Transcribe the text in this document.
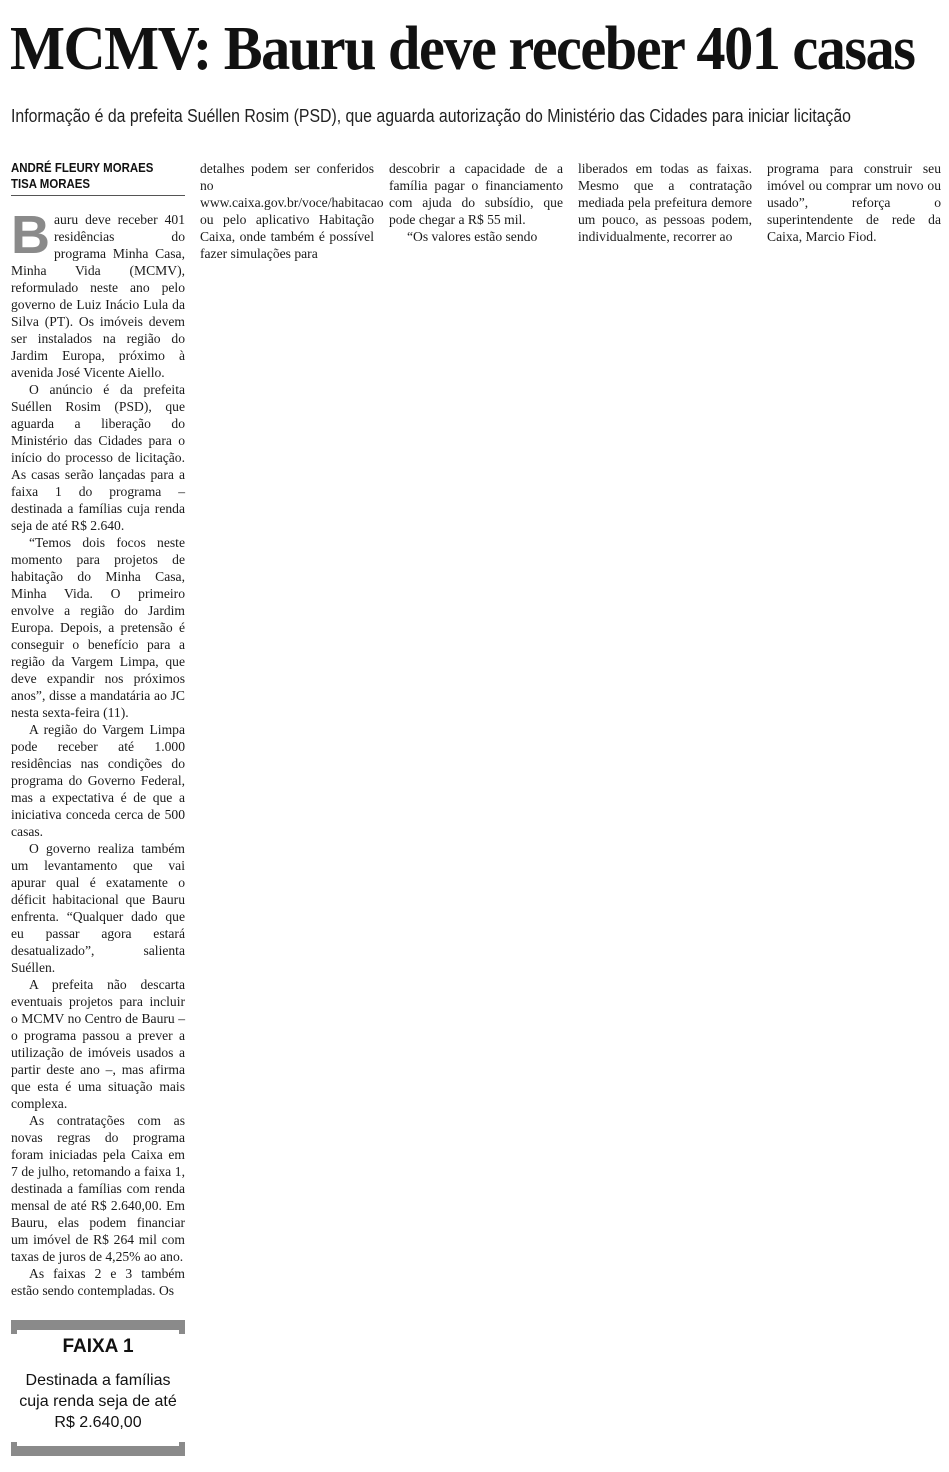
MCMV: Bauru deve receber 401 casas

Informação é da prefeita Suéllen Rosim (PSD), que aguarda autorização do Ministério das Cidades para iniciar licitação

ANDRÉ FLEURY MORAES
TISA MORAES

Bauru deve receber 401 residências do programa Minha Casa, Minha Vida (MCMV), reformulado neste ano pelo governo de Luiz Inácio Lula da Silva (PT). Os imóveis devem ser instalados na região do Jardim Europa, próximo à avenida José Vicente Aiello.

O anúncio é da prefeita Suéllen Rosim (PSD), que aguarda a liberação do Ministério das Cidades para o início do processo de licitação. As casas serão lançadas para a faixa 1 do programa – destinada a famílias cuja renda seja de até R$ 2.640.

“Temos dois focos neste momento para projetos de habitação do Minha Casa, Minha Vida. O primeiro envolve a região do Jardim Europa. Depois, a pretensão é conseguir o benefício para a região da Vargem Limpa, que deve expandir nos próximos anos”, disse a mandatária ao JC nesta sexta-feira (11).

A região do Vargem Limpa pode receber até 1.000 residências nas condições do programa do Governo Federal, mas a expectativa é de que a iniciativa conceda cerca de 500 casas.

O governo realiza também um levantamento que vai apurar qual é exatamente o déficit habitacional que Bauru enfrenta. “Qualquer dado que eu passar agora estará desatualizado”, salienta Suéllen.

A prefeita não descarta eventuais projetos para incluir o MCMV no Centro de Bauru – o programa passou a prever a utilização de imóveis usados a partir deste ano –, mas afirma que esta é uma situação mais complexa.

As contratações com as novas regras do programa foram iniciadas pela Caixa em 7 de julho, retomando a faixa 1, destinada a famílias com renda mensal de até R$ 2.640,00. Em Bauru, elas podem financiar um imóvel de R$ 264 mil com taxas de juros de 4,25% ao ano.

As faixas 2 e 3 também estão sendo contempladas. Os

detalhes podem ser conferidos no www.caixa.gov.br/voce/habitacao ou pelo aplicativo Habitação Caixa, onde também é possível fazer simulações para

descobrir a capacidade de a família pagar o financiamento com ajuda do subsídio, que pode chegar a R$ 55 mil.

“Os valores estão sendo

liberados em todas as faixas. Mesmo que a contratação mediada pela prefeitura demore um pouco, as pessoas podem, individualmente, recorrer ao

programa para construir seu imóvel ou comprar um novo ou usado”, reforça o superintendente de rede da Caixa, Marcio Fiod.

FAIXA 1
Destinada a famílias cuja renda seja de até R$ 2.640,00
